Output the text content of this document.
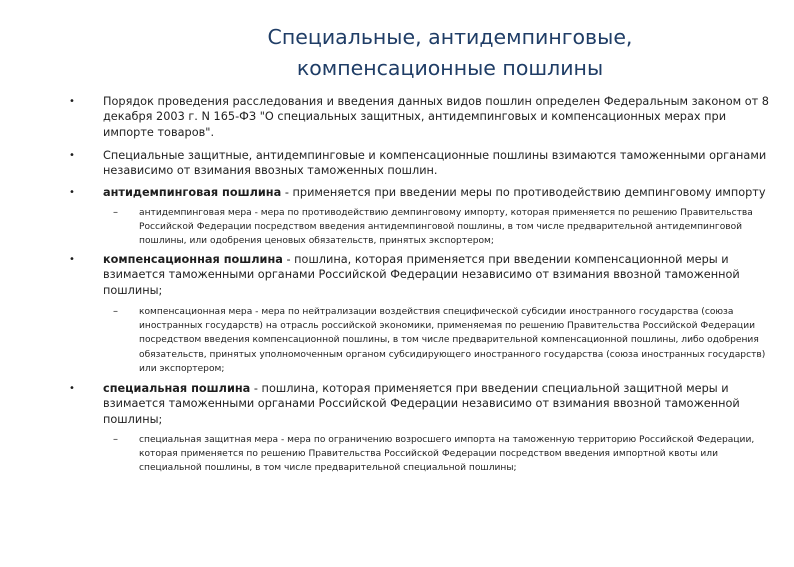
Специальные, антидемпинговые,
компенсационные пошлины
• Порядок проведения расследования и введения данных видов пошлин определен Федеральным законом от 8 декабря 2003 г. N 165-ФЗ "О специальных защитных, антидемпинговых и компенсационных мерах при импорте товаров".
• Специальные защитные, антидемпинговые и компенсационные пошлины взимаются таможенными органами независимо от взимания ввозных таможенных пошлин.
• антидемпинговая пошлина - применяется при введении меры по противодействию демпинговому импорту
– антидемпинговая мера - мера по противодействию демпинговому импорту, которая применяется по решению Правительства Российской Федерации посредством введения антидемпинговой пошлины, в том числе предварительной антидемпинговой пошлины, или одобрения ценовых обязательств, принятых экспортером;
• компенсационная пошлина - пошлина, которая применяется при введении компенсационной меры и взимается таможенными органами Российской Федерации независимо от взимания ввозной таможенной пошлины;
– компенсационная мера - мера по нейтрализации воздействия специфической субсидии иностранного государства (союза иностранных государств) на отрасль российской экономики, применяемая по решению Правительства Российской Федерации посредством введения компенсационной пошлины, в том числе предварительной компенсационной пошлины, либо одобрения обязательств, принятых уполномоченным органом субсидирующего иностранного государства (союза иностранных государств) или экспортером;
• специальная пошлина - пошлина, которая применяется при введении специальной защитной меры и взимается таможенными органами Российской Федерации независимо от взимания ввозной таможенной пошлины;
– специальная защитная мера - мера по ограничению возросшего импорта на таможенную территорию Российской Федерации, которая применяется по решению Правительства Российской Федерации посредством введения импортной квоты или специальной пошлины, в том числе предварительной специальной пошлины;
